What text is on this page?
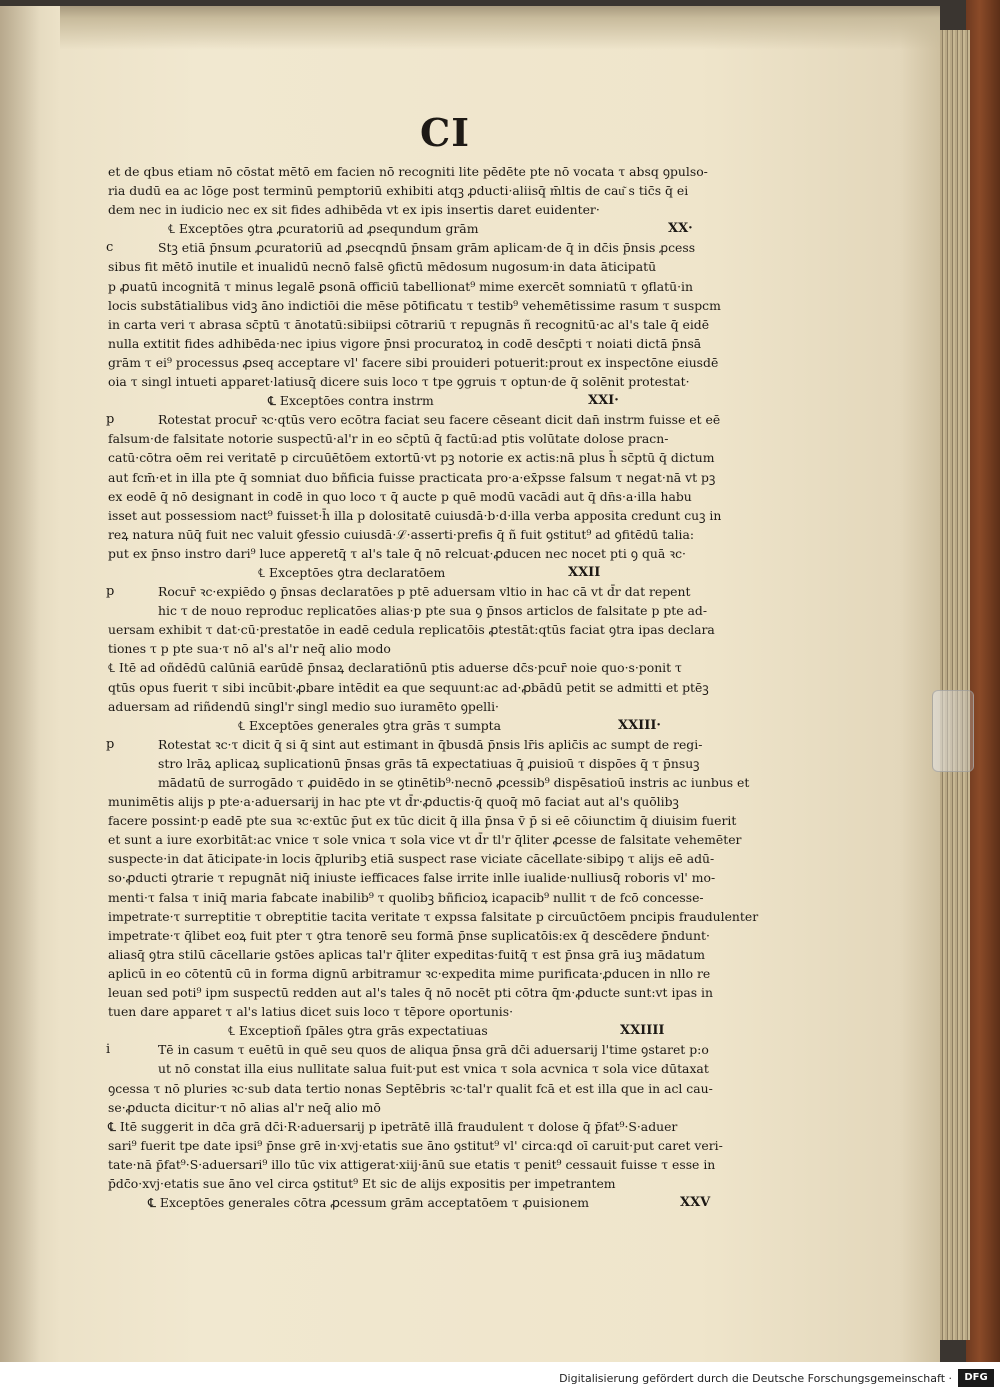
CI
et de qbus etiam nō cōstat mētō em facien nō recogniti lite pēdēte pte nō vocata τ absq ꝯpulso-
ria dudū ea ac lōge post terminū pemptoriū exhibiti atqꝫ ꝓducti·aliisq̄ m̄ltis de cau͂ s tic̄s q̄ ei
dem nec in iudicio nec ex sit fides adhibēda vt ex ipis insertis daret euidenter·
℄ Exceptōes ꝯtra ꝓcuratoriū ad ꝓsequndum grām	XX·
c	Stꝫ etiā p̄nsum ꝓcuratoriū ad ꝓsecqndū p̄nsam grām aplicam·de q̄ in dc̄is p̄nsis ꝓcess
sibus fit mētō inutile et inualidū necnō falsē ꝯfictū mēdosum nugosum·in data āticipatū
p ꝓuatū incognitā τ minus legalē ꝑsonā officiū tabellionat⁹ mime exercēt somniatū τ ꝯflatū·in
locis substātialibus vidꝫ āno indictiōi die mēse pōtificatu τ testib⁹ vehemētissime rasum τ suspcm
in carta veri τ abrasa sc̄ptū τ ānotatū:sibiipsi cōtrariū τ repugnās ñ recognitū·ac al's tale q̄ eidē
nulla extitit fides adhibēda·nec ipius vigore p̄nsi procuratoꝝ in codē desc̄pti τ noiati dictā p̄nsā
grām τ ei⁹ processus ꝓseq acceptare vl' facere sibi prouideri potuerit:prout ex inspectōne eiusdē
oia τ singl intueti apparet·latiusq̄ dicere suis loco τ tpe ꝯgruis τ optun·de q̄ solēnit protestat·
℄ Exceptōes contra instrm	XXI·
p	Rotestat procur̄ ꝛc·qtūs vero ecōtra faciat seu facere cēseant dicit dan̄ instrm fuisse et eē
falsum·de falsitate notorie suspectū·al'r in eo sc̄ptū q̄ factū:ad ptis volūtate dolose pracn-
catū·cōtra oēm rei veritatē p circuūētōem extortū·vt pꝫ notorie ex actis:nā plus h̄ sc̄ptū q̄ dictum
aut fcm̄·et in illa pte q̄ somniat duo bñficia fuisse practicata pro·a·ex̄psse falsum τ negat·nā vt pꝫ
ex eodē q̄ nō designant in codē in quo loco τ q̄ aucte p quē modū vacādi aut q̄ dn̄s·a·illa habu
isset aut possessiom nact⁹ fuisset·h̄ illa p dolositatē cuiusdā·b·d·illa verba apposita credunt cuꝫ in
reꝝ natura nūq̄ fuit nec valuit ꝯfessio cuiusdā·ℒ·asserti·prefis q̄ ñ fuit ꝯstitut⁹ ad ꝯfitēdū talia:
put ex p̄nso instro dari⁹ luce apperetq̄ τ al's tale q̄ nō relcuat·ꝓducen nec nocet pti ꝯ quā ꝛc·
℄ Exceptōes ꝯtra declaratōem	XXII
p	Rocur̄ ꝛc·expiēdo ꝯ p̄nsas declaratōes p ptē aduersam vltio in hac cā vt d̄r dat repent
hic τ de nouo reproduc replicatōes alias·p pte sua ꝯ p̄nsos articlos de falsitate p pte ad-
uersam exhibit τ dat·cū·prestatōe in eadē cedula replicatōis ꝓtestāt:qtūs faciat ꝯtra ipas declara
tiones τ p pte sua·τ nō al's al'r neq̄ alio modo
℄ Itē ad oñdēdū calūniā earūdē p̄nsaꝝ declaratiōnū ptis aduerse dc̄s·pcur̄ noie quo·s·ponit τ
qtūs opus fuerit τ sibi incūbit·ꝓbare intēdit ea que sequunt:ac ad·ꝓbādū petit se admitti et ptēꝫ
aduersam ad riñdendū singl'r singl medio suo iuramēto ꝯpelli·
℄ Exceptōes generales ꝯtra grās τ sumpta	XXIII·
p	Rotestat ꝛc·τ dicit q̄ si q̄ sint aut estimant in q̄busdā p̄nsis lr̄is aplic̄is ac sumpt de regi-
stro lrāꝝ aplicaꝝ suplicationū p̄nsas grās tā expectatiuas q̄ ꝓuisioū τ dispōes q̄ τ p̄nsuꝫ
mādatū de surrogādo τ ꝓuidēdo in se ꝯtinētib⁹·necnō ꝓcessib⁹ dispēsatioū instris ac iunbus et
munimētis alijs p pte·a·aduersarij in hac pte vt d̄r·ꝓductis·q̄ quoq̄ mō faciat aut al's quōlibꝫ
facere possint·p eadē pte sua ꝛc·extūc p̄ut ex tūc dicit q̄ illa p̄nsa v̄ p̄ si eē cōiunctim q̄ diuisim fuerit
et sunt a iure exorbitāt:ac vnice τ sole vnica τ sola vice vt d̄r tl'r q̄liter ꝓcesse de falsitate vehemēter
suspecte·in dat āticipate·in locis q̄pluribꝫ etiā suspect rase viciate cācellate·sibipꝯ τ alijs eē adū-
so·ꝓducti ꝯtrarie τ repugnāt niq̄ iniuste iefficaces false irrite inlle iualide·nulliusq̄ roboris vl' mo-
menti·τ falsa τ iniq̄ maria fabcate inabilib⁹ τ quolibꝫ bñficioꝝ icapacib⁹ nullit τ de fcō concesse-
impetrate·τ surreptitie τ obreptitie tacita veritate τ expssa falsitate p circuūctōem pncipis fraudulenter
impetrate·τ q̄libet eoꝝ fuit pter τ ꝯtra tenorē seu formā p̄nse suplicatōis:ex q̄ descēdere p̄ndunt·
aliasq̄ ꝯtra stilū cācellarie ꝯstōes aplicas tal'r q̄liter expeditas·fuitq̄ τ est p̄nsa grā iuꝫ mādatum
aplicū in eo cōtentū cū in forma dignū arbitramur ꝛc·expedita mime purificata·ꝓducen in nllo re
leuan sed poti⁹ ipm suspectū redden aut al's tales q̄ nō nocēt pti cōtra q̄m·ꝓducte sunt:vt ipas in
tuen dare apparet τ al's latius dicet suis loco τ tēpore oportunis·
℄ Exceptioñ ſpāles ꝯtra grās expectatiuas	XXIIII
i	Tē in casum τ euētū in quē seu quos de aliqua p̄nsa grā dc̄i aduersarij l'time ꝯstaret p:o
ut nō constat illa eius nullitate salua fuit·put est vnica τ sola acvnica τ sola vice dūtaxat
ꝯcessa τ nō pluries ꝛc·sub data tertio nonas Septēbris ꝛc·tal'r qualit fcā et est illa que in acl cau-
se·ꝓducta dicitur·τ nō alias al'r neq̄ alio mō
℄ Itē suggerit in dc̄a grā dc̄i·R·aduersarij p ipetrātē illā fraudulent τ dolose q̄ p̄fat⁹·S·aduer
sari⁹ fuerit tpe date ipsi⁹ p̄nse grē in·xvj·etatis sue āno ꝯstitut⁹ vl' circa:qd oī caruit·put caret veri-
tate·nā p̄fat⁹·S·aduersari⁹ illo tūc vix attigerat·xiij·ānū sue etatis τ penit⁹ cessauit fuisse τ esse in
p̄dc̄o·xvj·etatis sue āno vel circa ꝯstitut⁹ Et sic de alijs expositis per impetrantem
℄ Exceptōes generales cōtra ꝓcessum grām acceptatōem τ ꝓuisionem	XXV
Digitalisierung gefördert durch die Deutsche Forschungsgemeinschaft ·	DFG
